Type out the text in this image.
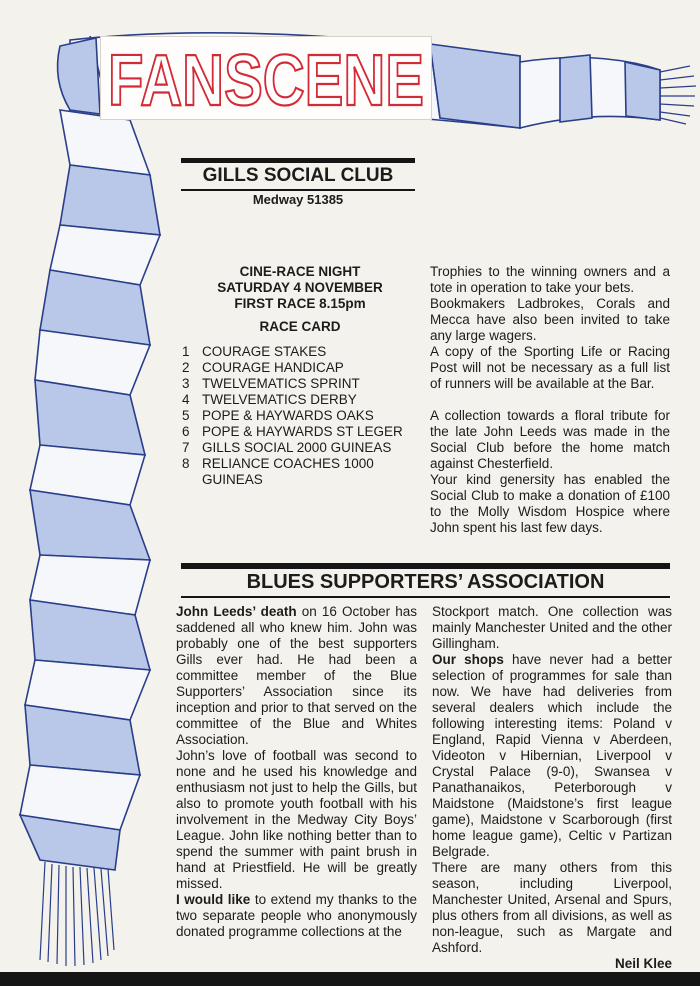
FANSCENE
GILLS SOCIAL CLUB
Medway 51385

CINE-RACE NIGHT

SATURDAY 4 NOVEMBER

FIRST RACE 8.15pm

RACE CARD

1 COURAGE STAKES
2 COURAGE HANDICAP
3 TWELVEMATICS SPRINT
4 TWELVEMATICS DERBY
5 POPE & HAYWARDS OAKS
6 POPE & HAYWARDS ST LEGER
7 GILLS SOCIAL 2000 GUINEAS
8 RELIANCE COACHES 1000 GUINEAS

Trophies to the winning owners and a tote in operation to take your bets.

Bookmakers Ladbrokes, Corals and Mecca have also been invited to take any large wagers.

A copy of the Sporting Life or Racing Post will not be necessary as a full list of runners will be available at the Bar.

A collection towards a floral tribute for the late John Leeds was made in the Social Club before the home match against Chesterfield.

Your kind genersity has enabled the Social Club to make a donation of £100 to the Molly Wisdom Hospice where John spent his last few days.

BLUES SUPPORTERS’ ASSOCIATION

John Leeds’ death on 16 October has saddened all who knew him. John was probably one of the best supporters Gills ever had. He had been a committee member of the Blue Supporters’ Association since its inception and prior to that served on the committee of the Blue and Whites Association.

John’s love of football was second to none and he used his knowledge and enthusiasm not just to help the Gills, but also to promote youth football with his involvement in the Medway City Boys’ League. John like nothing better than to spend the summer with paint brush in hand at Priestfield. He will be greatly missed.

I would like to extend my thanks to the two separate people who anonymously donated programme collections at the

Stockport match. One collection was mainly Manchester United and the other Gillingham.

Our shops have never had a better selection of programmes for sale than now. We have had deliveries from several dealers which include the following interesting items: Poland v England, Rapid Vienna v Aberdeen, Videoton v Hibernian, Liverpool v Crystal Palace (9-0), Swansea v Panathanaikos, Peterborough v Maidstone (Maidstone’s first league game), Maidstone v Scarborough (first home league game), Celtic v Partizan Belgrade.

There are many others from this season, including Liverpool, Manchester United, Arsenal and Spurs, plus others from all divisions, as well as non-league, such as Margate and Ashford.

Neil Klee
